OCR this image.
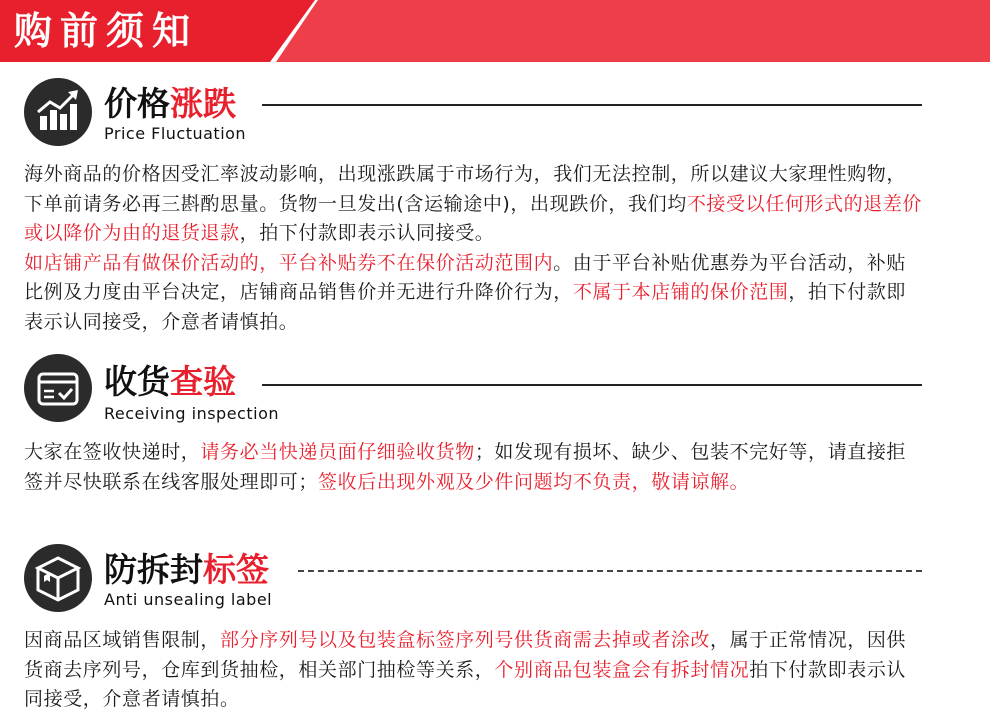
购前须知
价格涨跌
Price Fluctuation
海外商品的价格因受汇率波动影响，出现涨跌属于市场行为，我们无法控制，所以建议大家理性购物，下单前请务必再三斟酌思量。货物一旦发出(含运输途中)，出现跌价，我们均不接受以任何形式的退差价或以降价为由的退货退款，拍下付款即表示认同接受。
如店铺产品有做保价活动的，平台补贴券不在保价活动范围内。由于平台补贴优惠券为平台活动，补贴比例及力度由平台决定，店铺商品销售价并无进行升降价行为，不属于本店铺的保价范围，拍下付款即表示认同接受，介意者请慎拍。
收货查验
Receiving inspection
大家在签收快递时，请务必当快递员面仔细验收货物；如发现有损坏、缺少、包装不完好等，请直接拒签并尽快联系在线客服处理即可；签收后出现外观及少件问题均不负责，敬请谅解。
防拆封标签
Anti unsealing label
因商品区域销售限制，部分序列号以及包装盒标签序列号供货商需去掉或者涂改，属于正常情况，因供货商去序列号，仓库到货抽检，相关部门抽检等关系，个别商品包装盒会有拆封情况拍下付款即表示认同接受，介意者请慎拍。
